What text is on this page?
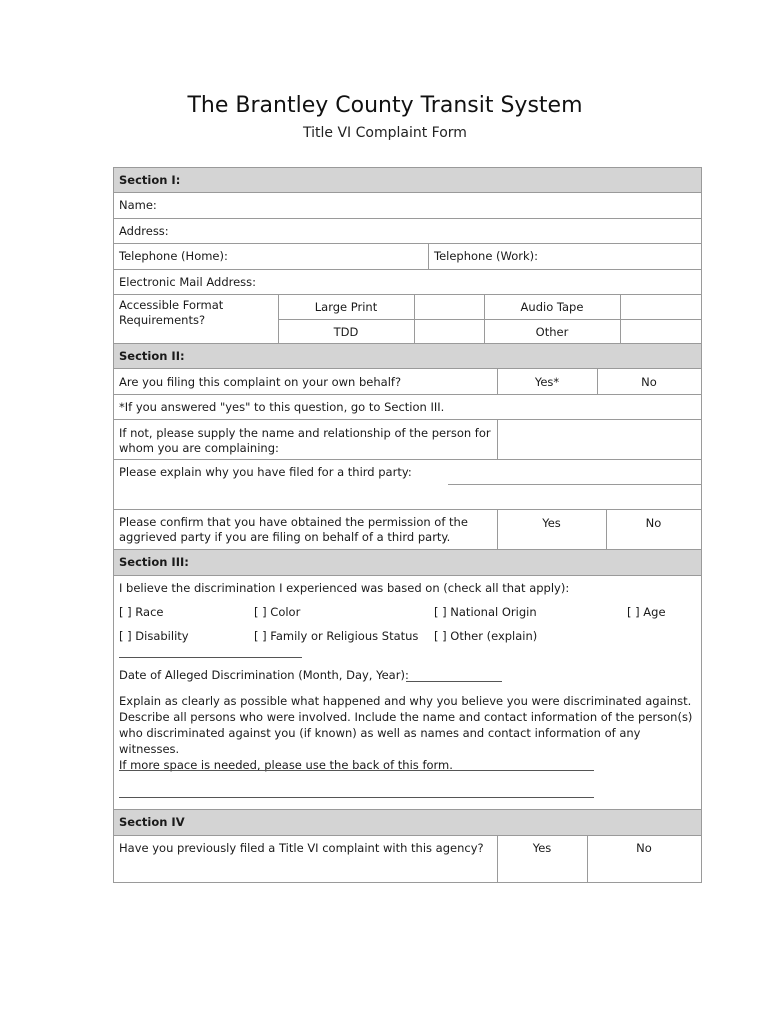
The Brantley County Transit System
Title VI Complaint Form
Section I:
Name:
Address:
Telephone (Home):	Telephone (Work):
Electronic Mail Address:
Accessible Format
Requirements?
Large Print	Audio Tape
TDD	Other
Section II:
Are you filing this complaint on your own behalf?	Yes*	No
*If you answered "yes" to this question, go to Section III.
If not, please supply the name and relationship of the person for
whom you are complaining:
Please explain why you have filed for a third party:
Please confirm that you have obtained the permission of the
aggrieved party if you are filing on behalf of a third party.
Yes	No
Section III:
I believe the discrimination I experienced was based on (check all that apply):
[ ] Race	[ ] Color	[ ] National Origin	[ ] Age
[ ] Disability	[ ] Family or Religious Status [ ] Other (explain)
Date of Alleged Discrimination (Month, Day, Year):
Explain as clearly as possible what happened and why you believe you were discriminated against.
Describe all persons who were involved. Include the name and contact information of the person(s)
who discriminated against you (if known) as well as names and contact information of any witnesses.
If more space is needed, please use the back of this form.
Section IV
Have you previously filed a Title VI complaint with this agency?	Yes	No
